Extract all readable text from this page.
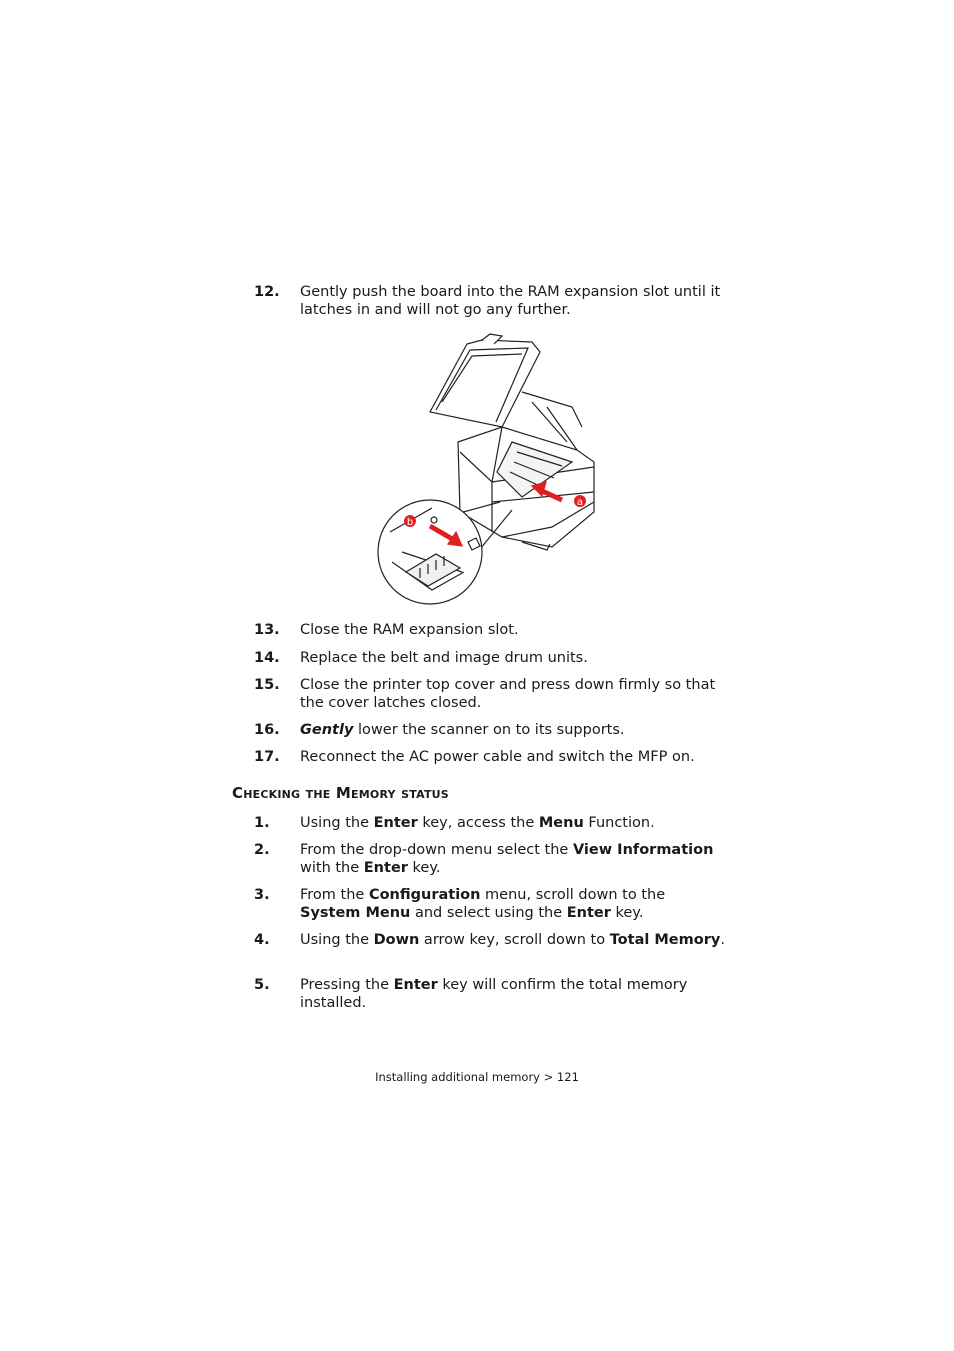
12. Gently push the board into the RAM expansion slot until it latches in and will not go any further.
a
b
13. Close the RAM expansion slot.
14. Replace the belt and image drum units.
15. Close the printer top cover and press down firmly so that the cover latches closed.
16. Gently lower the scanner on to its supports.
17. Reconnect the AC power cable and switch the MFP on.
Checking the Memory status
1. Using the Enter key, access the Menu Function.
2. From the drop-down menu select the View Information with the Enter key.
3. From the Configuration menu, scroll down to the System Menu and select using the Enter key.
4. Using the Down arrow key, scroll down to Total Memory.
5. Pressing the Enter key will confirm the total memory installed.
Installing additional memory > 121
